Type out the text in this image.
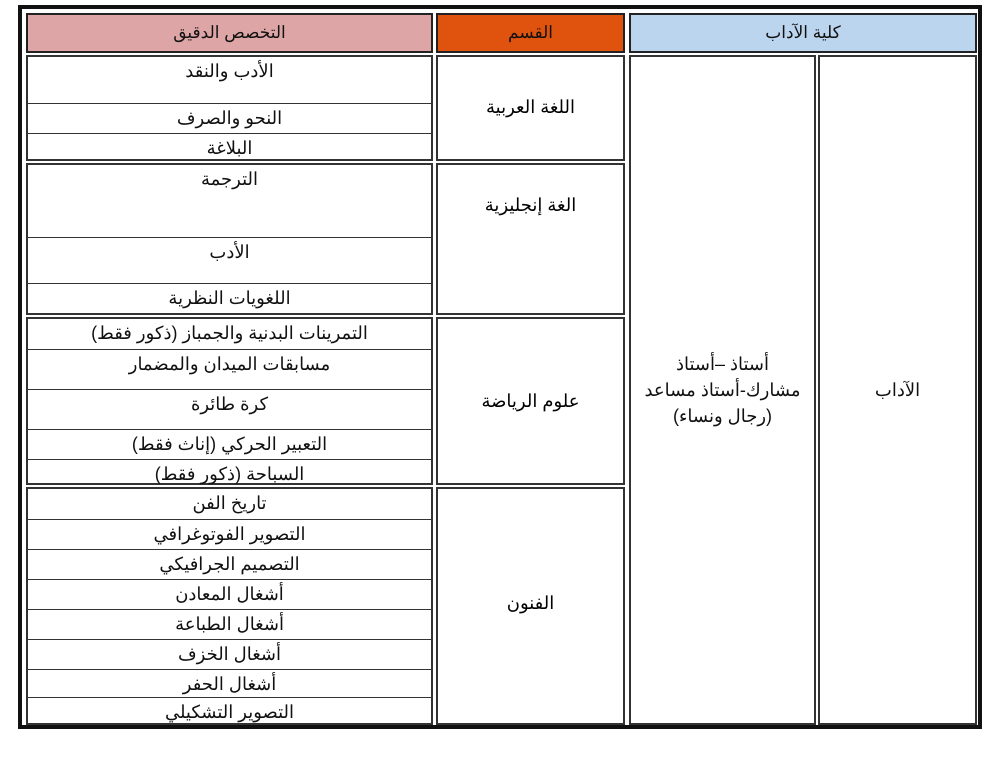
التخصص الدقيق	القسم	كلية الآداب
الآداب
أستاذ –أستاذ
مشارك-أستاذ مساعد
(رجال ونساء)
اللغة العربية
الأدب والنقد
النحو والصرف
البلاغة
الغة إنجليزية
الترجمة
الأدب
اللغويات النظرية
علوم الرياضة
التمرينات البدنية والجمباز (ذكور فقط)
مسابقات الميدان والمضمار
كرة طائرة
التعبير الحركي (إناث فقط)
السباحة (ذكور فقط)
الفنون
تاريخ الفن
التصوير الفوتوغرافي
التصميم الجرافيكي
أشغال المعادن
أشغال الطباعة
أشغال الخزف
أشغال الحفر
التصوير التشكيلي
